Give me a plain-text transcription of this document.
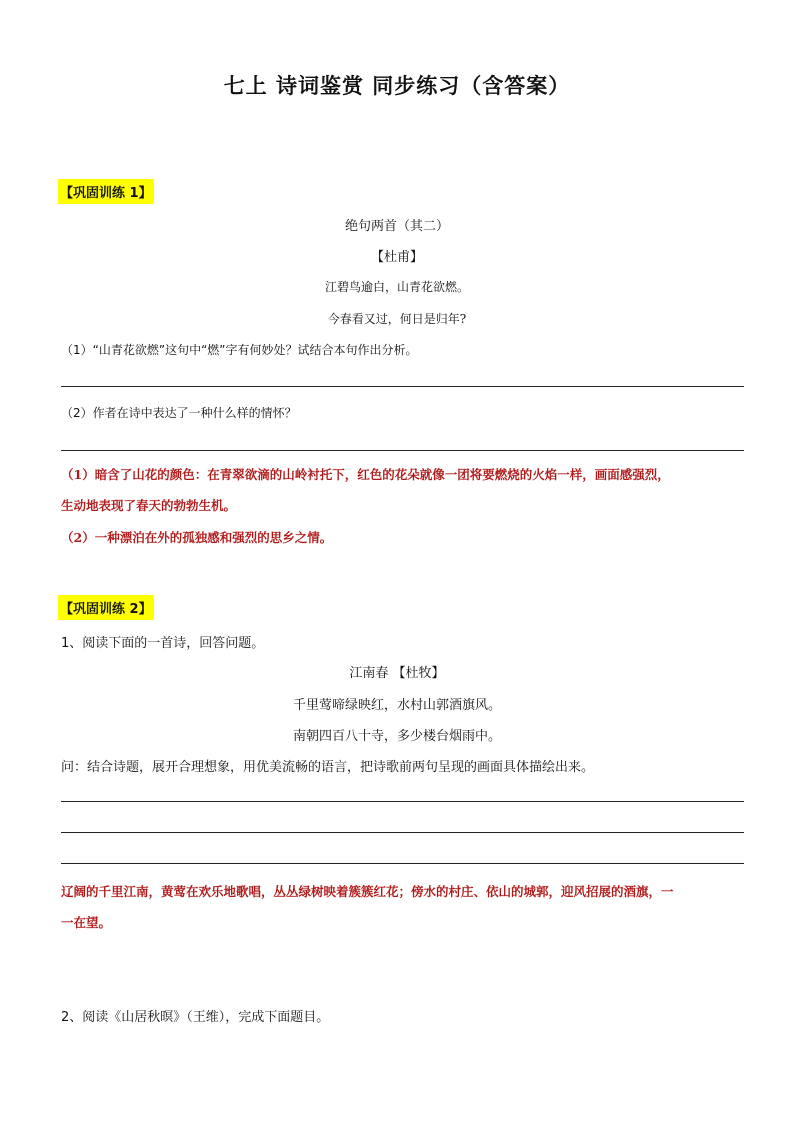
七上 诗词鉴赏 同步练习（含答案）
【巩固训练 1】
绝句两首（其二）
【杜甫】
江碧鸟逾白，山青花欲燃。
今春看又过，何日是归年?
（1）“山青花欲燃”这句中“燃”字有何妙处？试结合本句作出分析。
（2）作者在诗中表达了一种什么样的情怀？
（1）暗含了山花的颜色：在青翠欲滴的山岭衬托下，红色的花朵就像一团将要燃烧的火焰一样，画面感强烈，
生动地表现了春天的勃勃生机。
（2）一种漂泊在外的孤独感和强烈的思乡之情。
【巩固训练 2】
1、阅读下面的一首诗，回答问题。
江南春 【杜牧】
千里莺啼绿映红，水村山郭酒旗风。
南朝四百八十寺，多少楼台烟雨中。
问：结合诗题，展开合理想象，用优美流畅的语言，把诗歌前两句呈现的画面具体描绘出来。
辽阔的千里江南，黄莺在欢乐地歌唱，丛丛绿树映着簇簇红花；傍水的村庄、依山的城郭，迎风招展的酒旗，一
一在望。
2、阅读《山居秋暝》（王维），完成下面题目。
